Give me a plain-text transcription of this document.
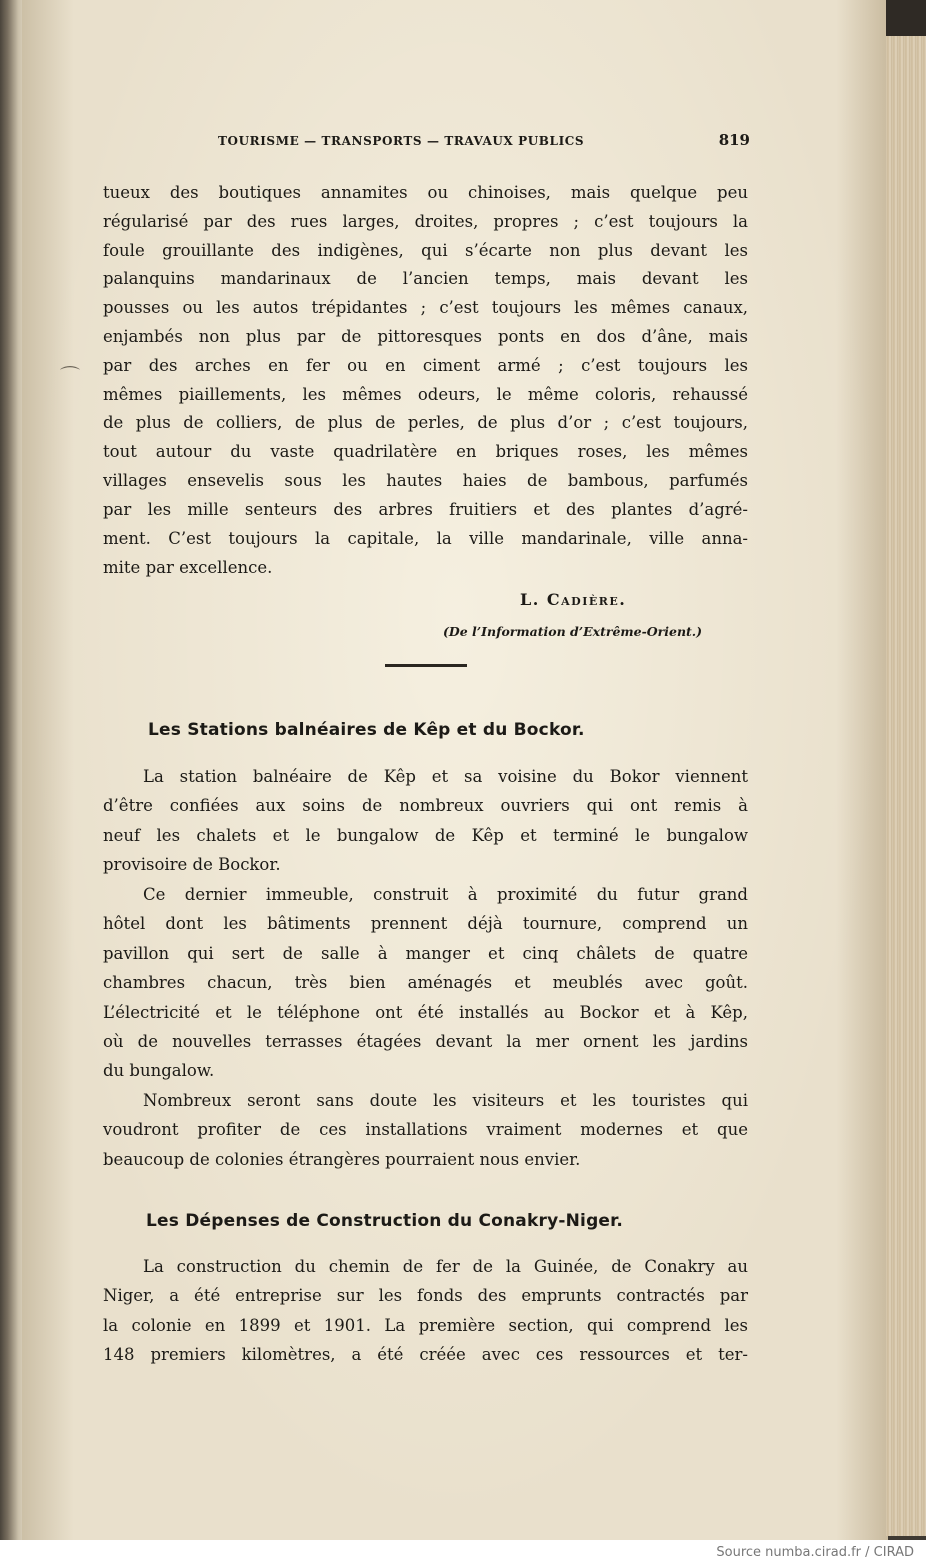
TOURISME — TRANSPORTS — TRAVAUX PUBLICS	819
⌒
tueux des boutiques annamites ou chinoises, mais quelque peu
régularisé par des rues larges, droites, propres ; c’est toujours la
foule grouillante des indigènes, qui s’écarte non plus devant les
palanquins mandarinaux de l’ancien temps, mais devant les
pousses ou les autos trépidantes ; c’est toujours les mêmes canaux,
enjambés non plus par de pittoresques ponts en dos d’âne, mais
par des arches en fer ou en ciment armé ; c’est toujours les
mêmes piaillements, les mêmes odeurs, le même coloris, rehaussé
de plus de colliers, de plus de perles, de plus d’or ; c’est toujours,
tout autour du vaste quadrilatère en briques roses, les mêmes
villages ensevelis sous les hautes haies de bambous, parfumés
par les mille senteurs des arbres fruitiers et des plantes d’agré-
ment. C’est toujours la capitale, la ville mandarinale, ville anna-
mite par excellence.
L. Cadière.
(De l’Information d’Extrême-Orient.)
Les Stations balnéaires de Kêp et du Bockor.
La station balnéaire de Kêp et sa voisine du Bokor viennent
d’être confiées aux soins de nombreux ouvriers qui ont remis à
neuf les chalets et le bungalow de Kêp et terminé le bungalow
provisoire de Bockor.
Ce dernier immeuble, construit à proximité du futur grand
hôtel dont les bâtiments prennent déjà tournure, comprend un
pavillon qui sert de salle à manger et cinq châlets de quatre
chambres chacun, très bien aménagés et meublés avec goût.
L’électricité et le téléphone ont été installés au Bockor et à Kêp,
où de nouvelles terrasses étagées devant la mer ornent les jardins
du bungalow.
Nombreux seront sans doute les visiteurs et les touristes qui
voudront profiter de ces installations vraiment modernes et que
beaucoup de colonies étrangères pourraient nous envier.
Les Dépenses de Construction du Conakry-Niger.
La construction du chemin de fer de la Guinée, de Conakry au
Niger, a été entreprise sur les fonds des emprunts contractés par
la colonie en 1899 et 1901. La première section, qui comprend les
148 premiers kilomètres, a été créée avec ces ressources et ter-
Source numba.cirad.fr / CIRAD
